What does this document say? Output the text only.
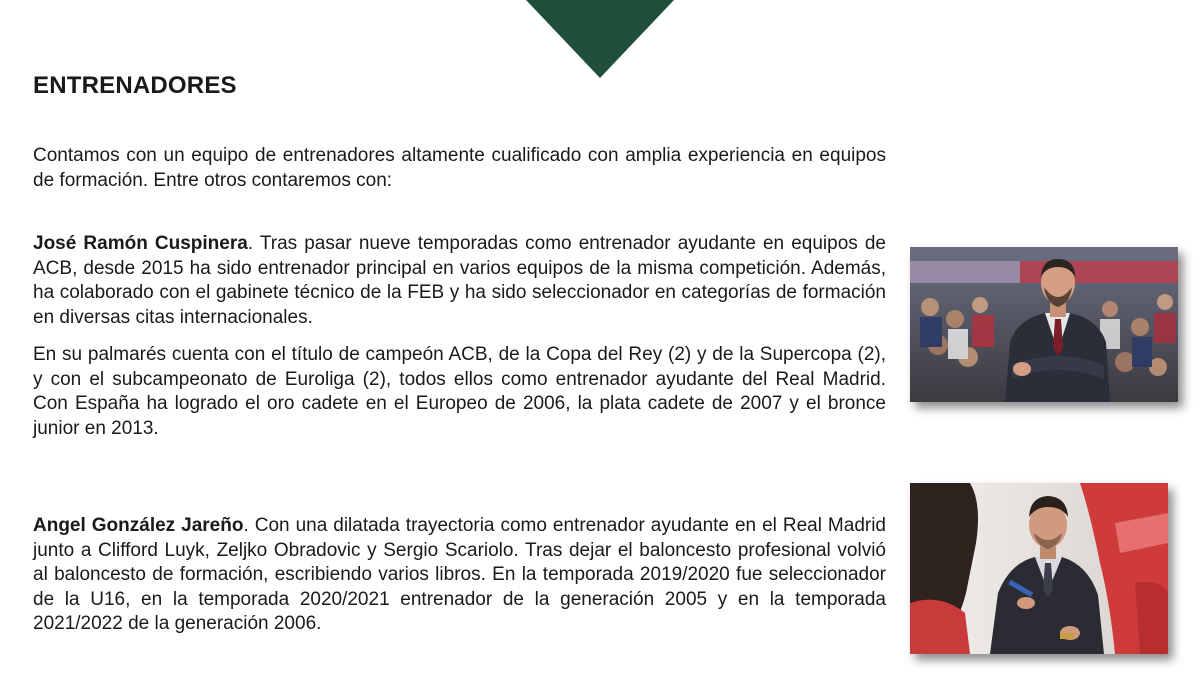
ENTRENADORES

Contamos con un equipo de entrenadores altamente cualificado con amplia experiencia en equipos de formación. Entre otros contaremos con:

José Ramón Cuspinera. Tras pasar nueve temporadas como entrenador ayudante en equipos de ACB, desde 2015 ha sido entrenador principal en varios equipos de la misma competición. Además, ha colaborado con el gabinete técnico de la FEB y ha sido seleccionador en categorías de formación en diversas citas internacionales.

En su palmarés cuenta con el título de campeón ACB, de la Copa del Rey (2) y de la Supercopa (2), y con el subcampeonato de Euroliga (2), todos ellos como entrenador ayudante del Real Madrid. Con España ha logrado el oro cadete en el Europeo de 2006, la plata cadete de 2007 y el bronce junior en 2013.

Angel González Jareño. Con una dilatada trayectoria como entrenador ayudante en el Real Madrid junto a Clifford Luyk, Zeljko Obradovic y Sergio Scariolo. Tras dejar el baloncesto profesional volvió al baloncesto de formación, escribiendo varios libros. En la temporada 2019/2020 fue seleccionador de la U16, en la temporada 2020/2021 entrenador de la generación 2005 y en la temporada 2021/2022 de la generación 2006.
